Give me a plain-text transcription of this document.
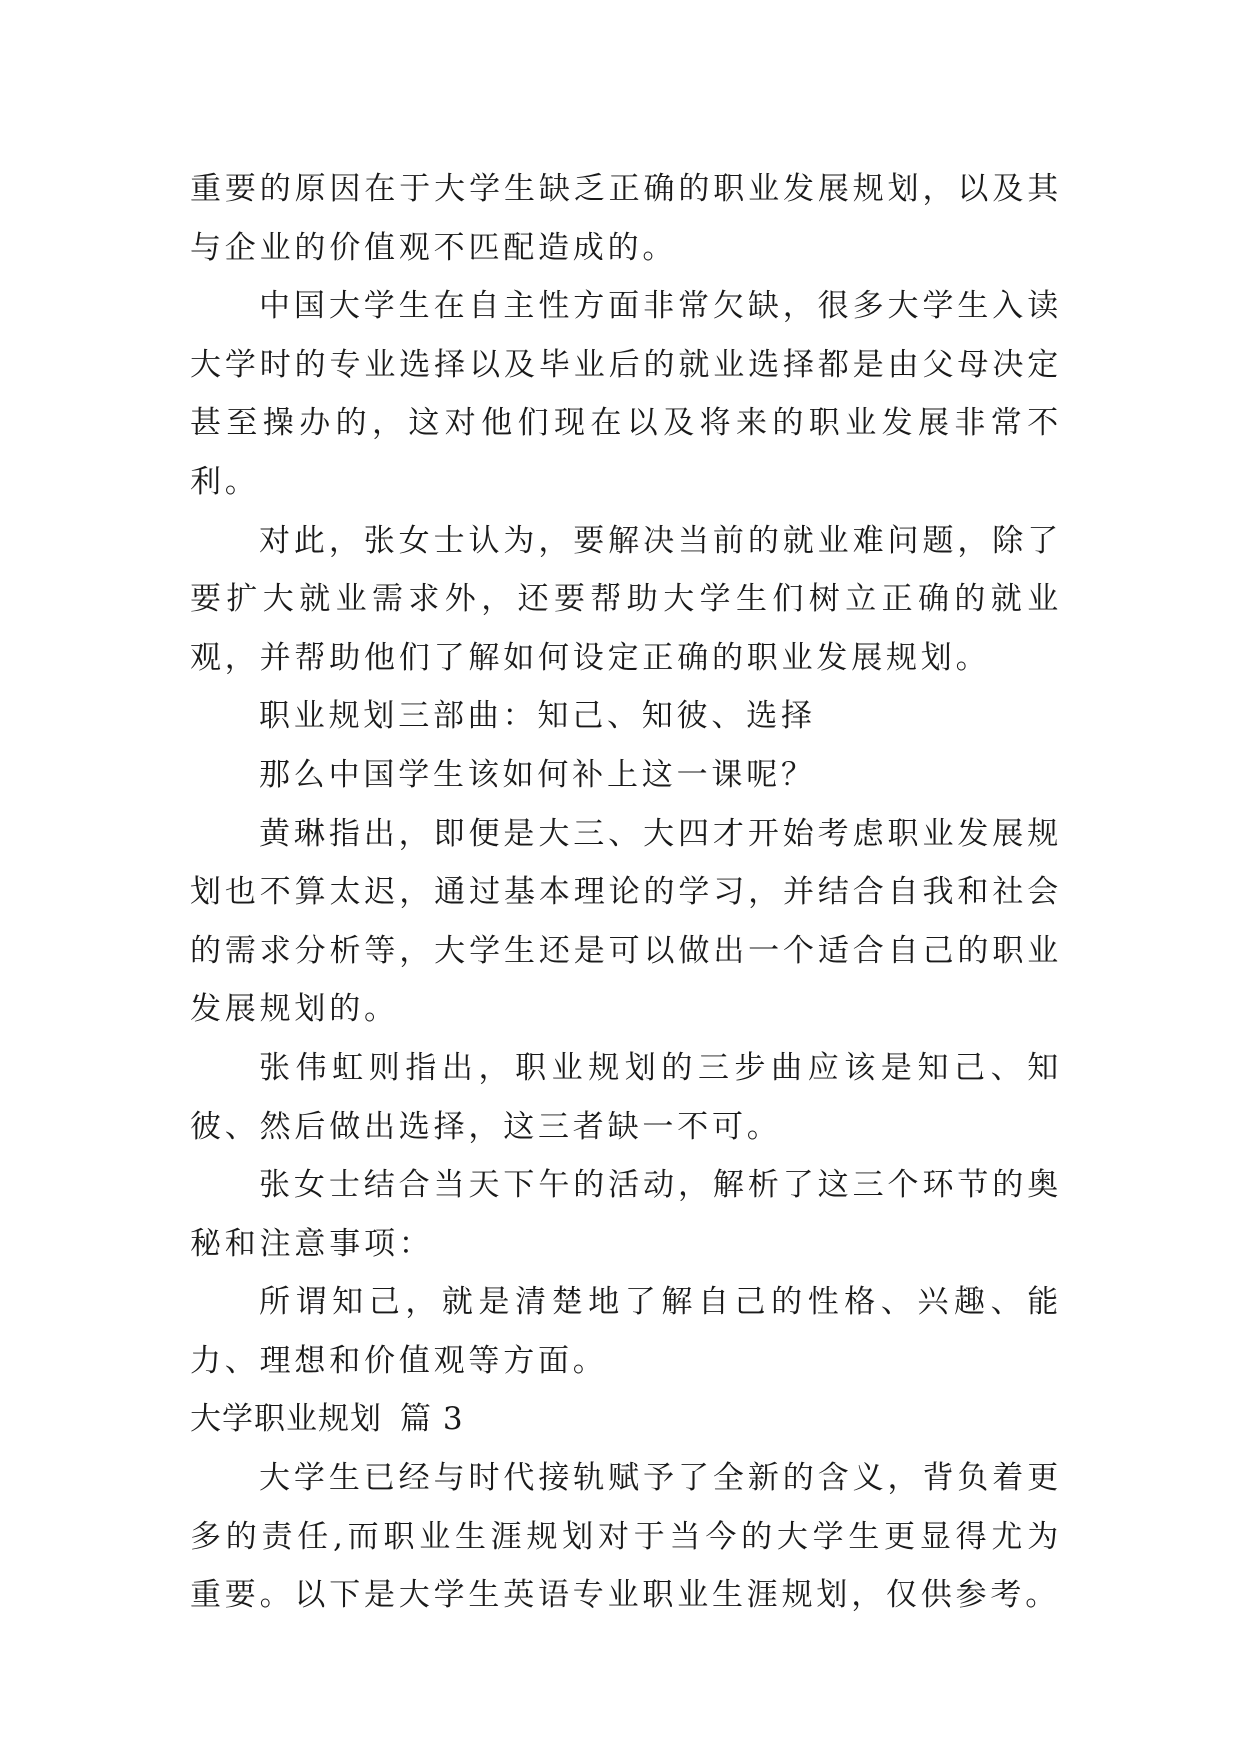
重要的原因在于大学生缺乏正确的职业发展规划，以及其与企业的价值观不匹配造成的。

中国大学生在自主性方面非常欠缺，很多大学生入读大学时的专业选择以及毕业后的就业选择都是由父母决定甚至操办的，这对他们现在以及将来的职业发展非常不利。

对此，张女士认为，要解决当前的就业难问题，除了要扩大就业需求外，还要帮助大学生们树立正确的就业观，并帮助他们了解如何设定正确的职业发展规划。

职业规划三部曲：知己、知彼、选择

那么中国学生该如何补上这一课呢？

黄琳指出，即便是大三、大四才开始考虑职业发展规划也不算太迟，通过基本理论的学习，并结合自我和社会的需求分析等，大学生还是可以做出一个适合自己的职业发展规划的。

张伟虹则指出，职业规划的三步曲应该是知己、知彼、然后做出选择，这三者缺一不可。

张女士结合当天下午的活动，解析了这三个环节的奥秘和注意事项：

所谓知己，就是清楚地了解自己的性格、兴趣、能力、理想和价值观等方面。

大学职业规划 篇 3

大学生已经与时代接轨赋予了全新的含义，背负着更多的责任,而职业生涯规划对于当今的大学生更显得尤为重要。以下是大学生英语专业职业生涯规划，仅供参考。
